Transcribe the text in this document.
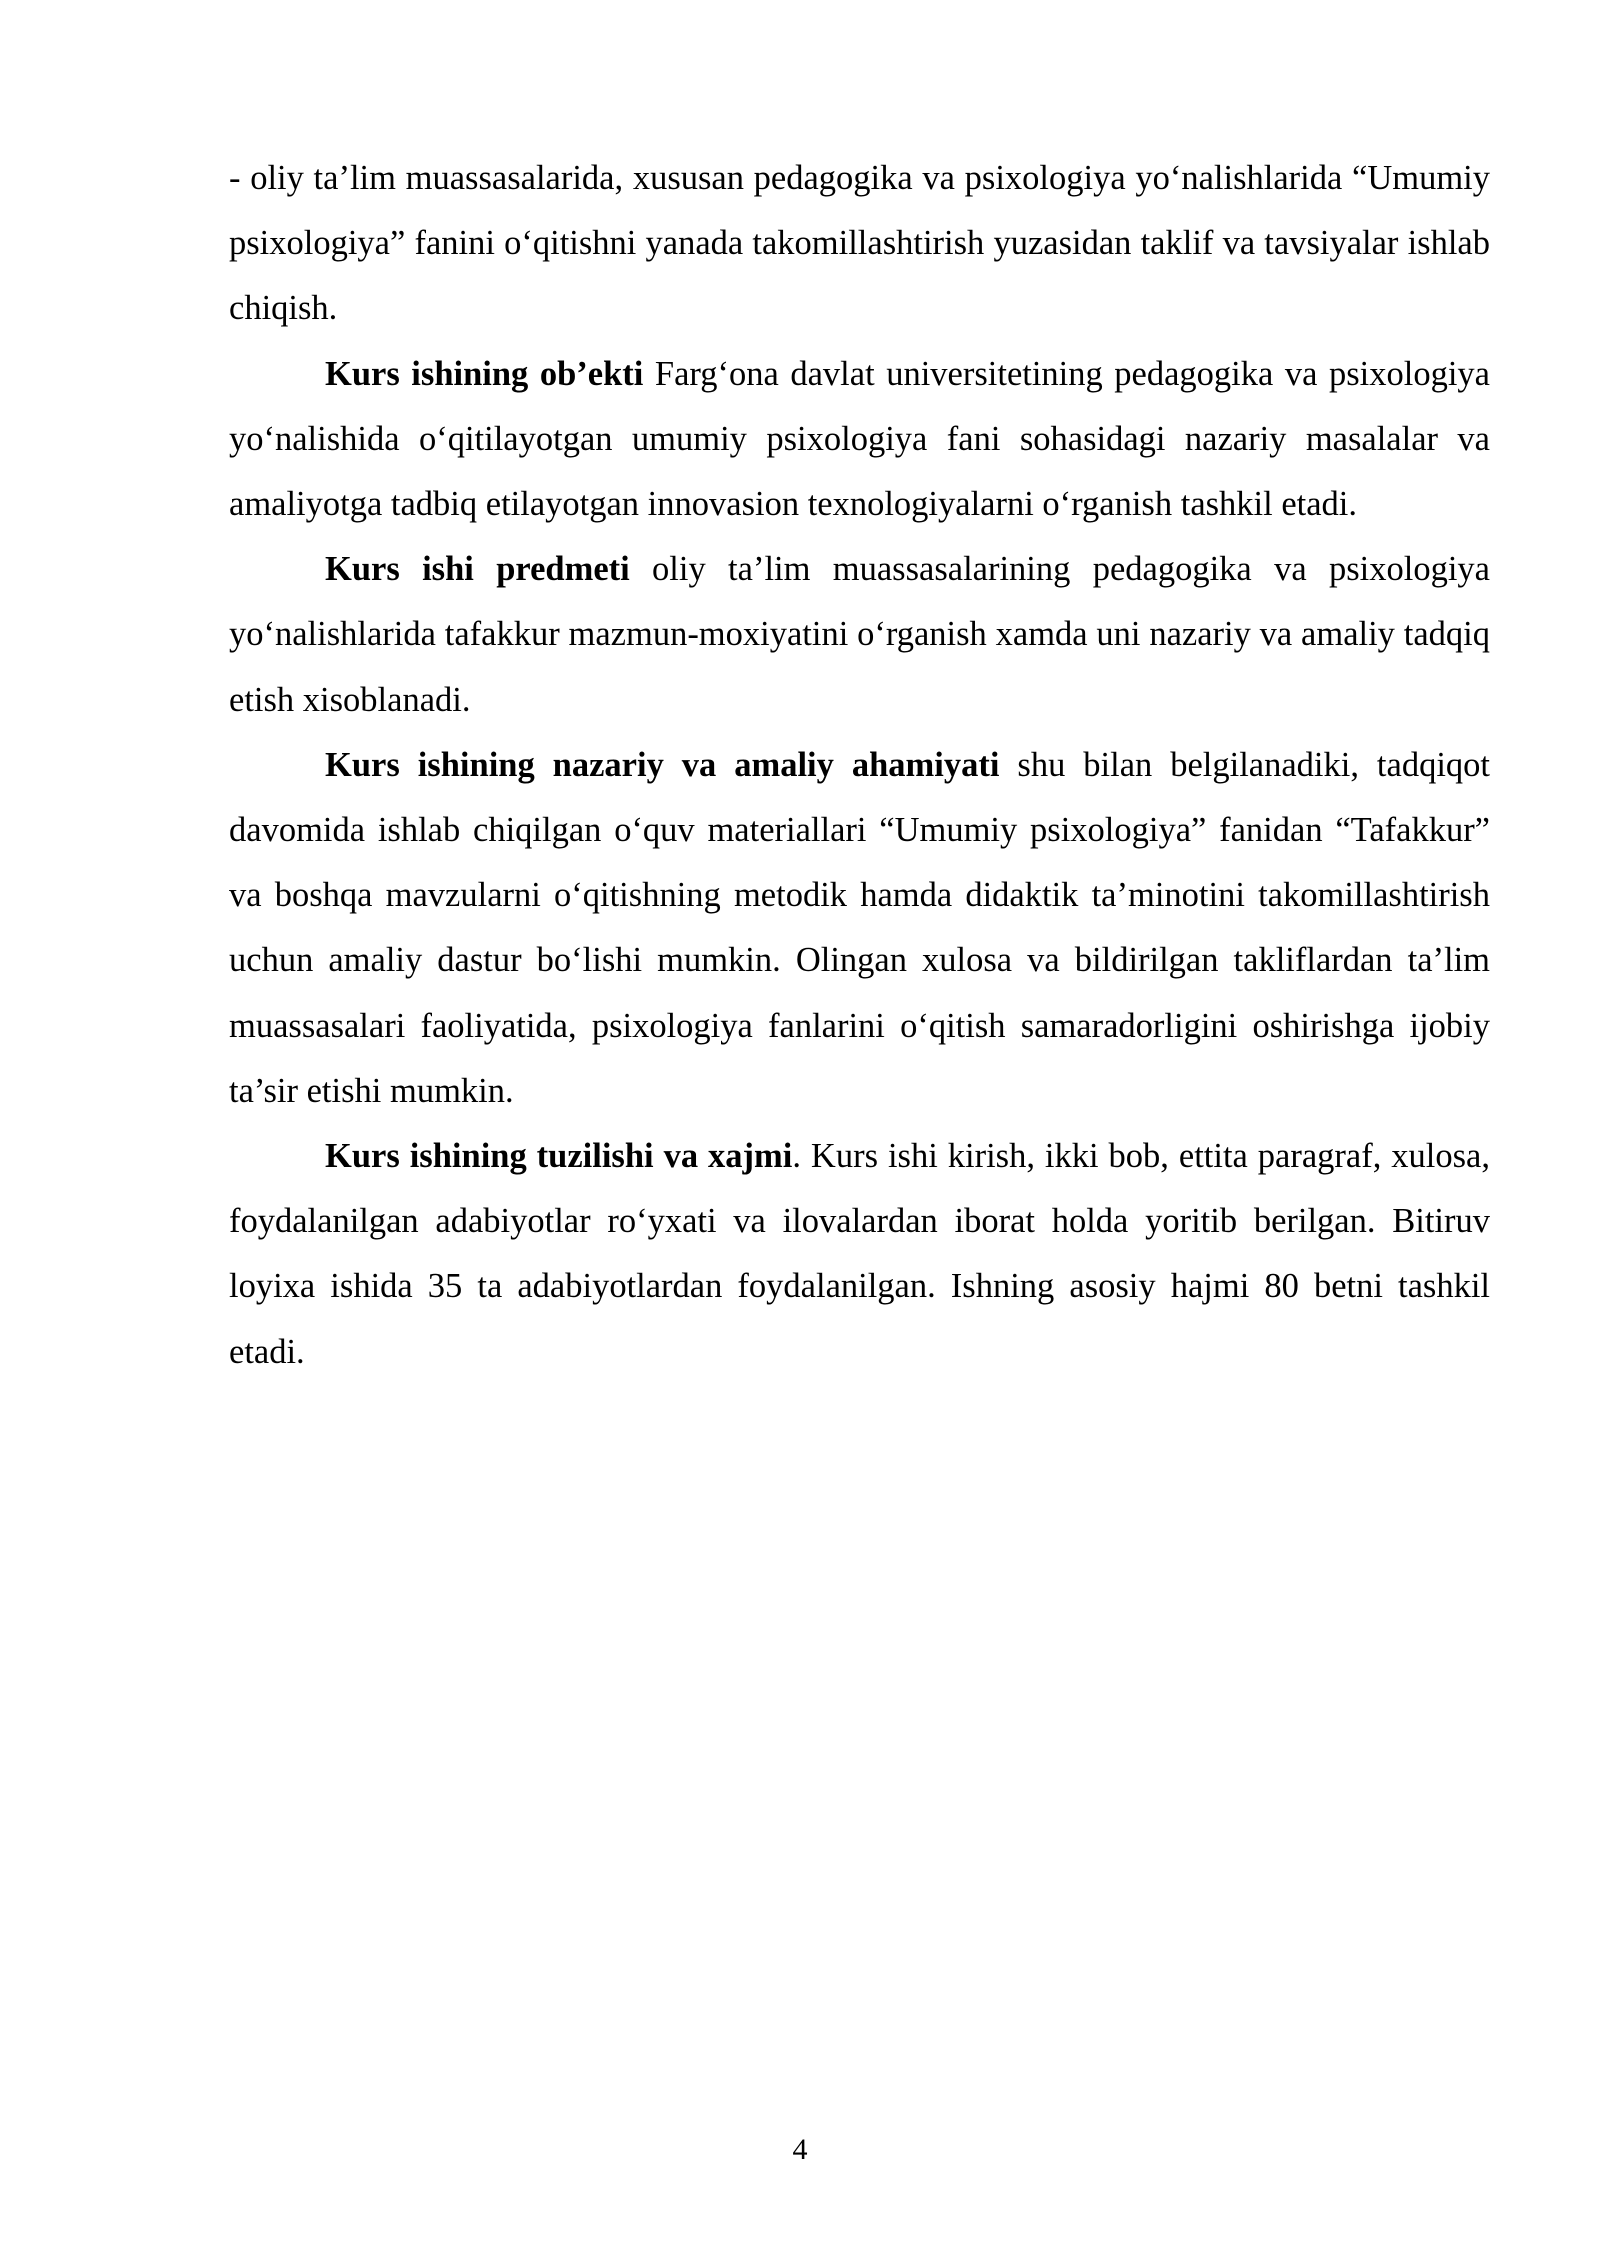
- oliy ta’lim muassasalarida, xususan pedagogika va psixologiya yo‘nalishlarida “Umumiy psixologiya” fanini o‘qitishni yanada takomillashtirish yuzasidan taklif va tavsiyalar ishlab chiqish.

Kurs ishining ob’ekti Farg‘ona davlat universitetining pedagogika va psixologiya yo‘nalishida o‘qitilayotgan umumiy psixologiya fani sohasidagi nazariy masalalar va amaliyotga tadbiq etilayotgan innovasion texnologiyalarni o‘rganish tashkil etadi.

Kurs ishi predmeti oliy ta’lim muassasalarining pedagogika va psixologiya yo‘nalishlarida tafakkur mazmun-moxiyatini o‘rganish xamda uni nazariy va amaliy tadqiq etish xisoblanadi.

Kurs ishining nazariy va amaliy ahamiyati shu bilan belgilanadiki, tadqiqot davomida ishlab chiqilgan o‘quv materiallari “Umumiy psixologiya” fanidan “Tafakkur” va boshqa mavzularni o‘qitishning metodik hamda didaktik ta’minotini takomillashtirish uchun amaliy dastur bo‘lishi mumkin. Olingan xulosa va bildirilgan takliflardan ta’lim muassasalari faoliyatida, psixologiya fanlarini o‘qitish samaradorligini oshirishga ijobiy ta’sir etishi mumkin.

Kurs ishining tuzilishi va xajmi. Kurs ishi kirish, ikki bob, ettita paragraf, xulosa, foydalanilgan adabiyotlar ro‘yxati va ilovalardan iborat holda yoritib berilgan. Bitiruv loyixa ishida 35 ta adabiyotlardan foydalanilgan. Ishning asosiy hajmi 80 betni tashkil etadi.

4
